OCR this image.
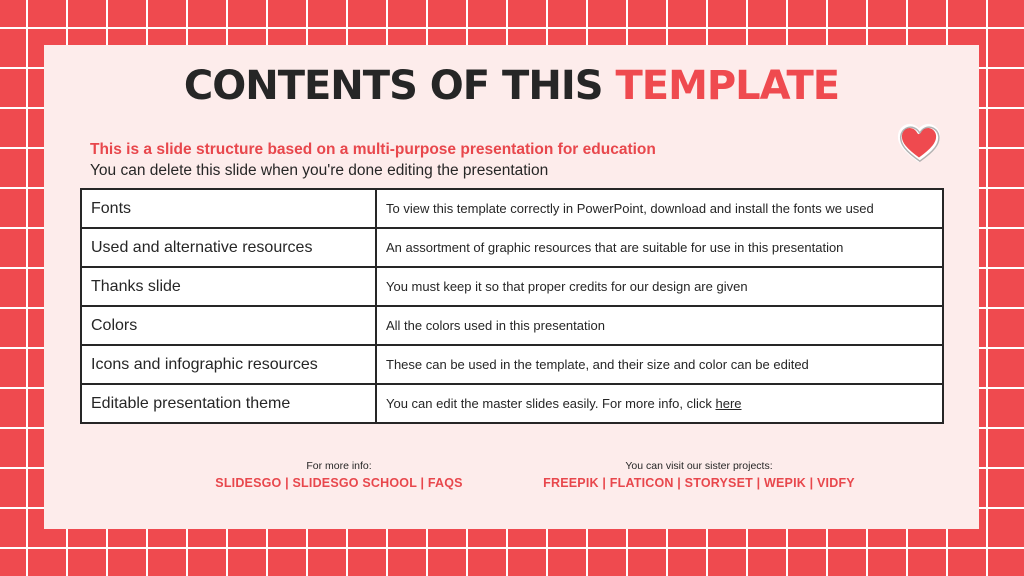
CONTENTS OF THIS TEMPLATE

This is a slide structure based on a multi-purpose presentation for education

You can delete this slide when you're done editing the presentation

Fonts	To view this template correctly in PowerPoint, download and install the fonts we used
Used and alternative resources	An assortment of graphic resources that are suitable for use in this presentation
Thanks slide	You must keep it so that proper credits for our design are given
Colors	All the colors used in this presentation
Icons and infographic resources	These can be used in the template, and their size and color can be edited
Editable presentation theme	You can edit the master slides easily. For more info, click here

For more info:

SLIDESGO | SLIDESGO SCHOOL | FAQS

You can visit our sister projects:

FREEPIK | FLATICON | STORYSET | WEPIK | VIDFY
